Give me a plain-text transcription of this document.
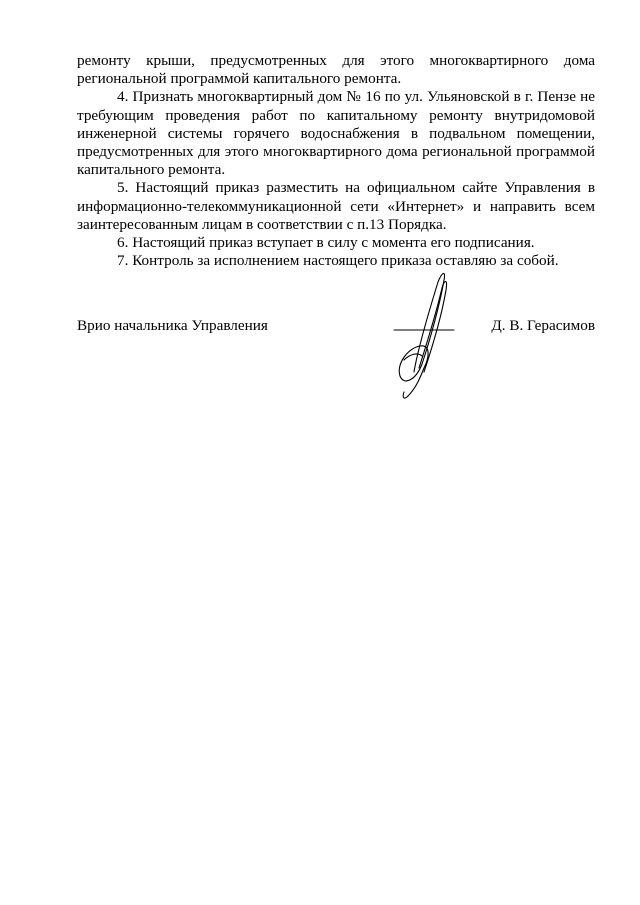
ремонту крыши, предусмотренных для этого многоквартирного дома региональной программой капитального ремонта.

4. Признать многоквартирный дом № 16 по ул. Ульяновской в г. Пензе не требующим проведения работ по капитальному ремонту внутридомовой инженерной системы горячего водоснабжения в подвальном помещении, предусмотренных для этого многоквартирного дома региональной программой капитального ремонта.

5. Настоящий приказ разместить на официальном сайте Управления в информационно-телекоммуникационной сети «Интернет» и направить всем заинтересованным лицам в соответствии с п.13 Порядка.

6. Настоящий приказ вступает в силу с момента его подписания.

7. Контроль за исполнением настоящего приказа оставляю за собой.

Врио начальника Управления	Д. В. Герасимов
